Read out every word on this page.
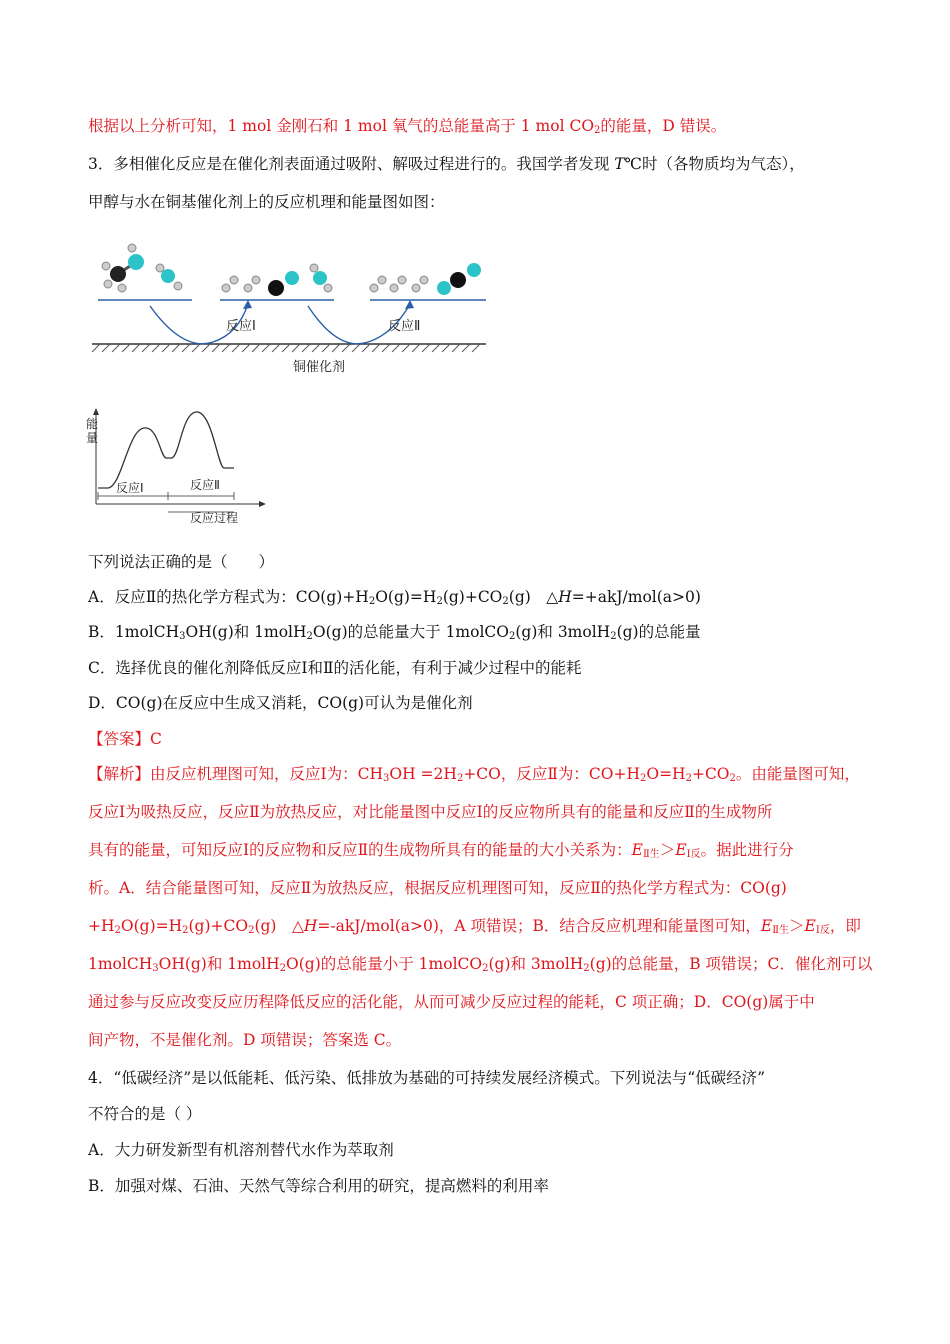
根据以上分析可知，1 mol 金刚石和 1 mol 氧气的总能量高于 1 mol $CO_2$的能量，D 错误。
3．多相催化反应是在催化剂表面通过吸附、解吸过程进行的。我国学者发现 T℃时（各物质均为气态），
甲醇与水在铜基催化剂上的反应机理和能量图如图：
反应Ⅰ	反应Ⅱ
铜催化剂
能
量
反应Ⅰ	反应Ⅱ
反应过程
下列说法正确的是（　　）
A．反应Ⅱ的热化学方程式为：$CO(g)+H_2O(g)=H_2(g)+CO_2(g)$　△H=+akJ/mol(a>0)
B．1molCH$_3$OH(g)和 1molH$_2$O(g)的总能量大于 1molCO$_2$(g)和 3molH$_2$(g)的总能量
C．选择优良的催化剂降低反应Ⅰ和Ⅱ的活化能，有利于减少过程中的能耗
D．CO(g)在反应中生成又消耗，CO(g)可认为是催化剂
【答案】C
【解析】由反应机理图可知，反应Ⅰ为：$CH_3OH =2H_2+CO$，反应Ⅱ为：$CO+H_2O=H_2+CO_2$。由能量图可知，
反应Ⅰ为吸热反应，反应Ⅱ为放热反应，对比能量图中反应Ⅰ的反应物所具有的能量和反应Ⅱ的生成物所
具有的能量，可知反应Ⅰ的反应物和反应Ⅱ的生成物所具有的能量的大小关系为：$E_{Ⅱ生}>E_{Ⅰ反}$。据此进行分
析。A．结合能量图可知，反应Ⅱ为放热反应，根据反应机理图可知，反应Ⅱ的热化学方程式为：CO(g)
$+H_2O(g)=H_2(g)+CO_2(g)$　△H=-akJ/mol(a>0)，A 项错误；B．结合反应机理和能量图可知，$E_{Ⅱ生}>E_{Ⅰ反}$，即
1molCH$_3$OH(g)和 1molH$_2$O(g)的总能量小于 1molCO$_2$(g)和 3molH$_2$(g)的总能量，B 项错误；C．催化剂可以
通过参与反应改变反应历程降低反应的活化能，从而可减少反应过程的能耗，C 项正确；D．CO(g)属于中
间产物，不是催化剂。D 项错误；答案选 C。
4．“低碳经济”是以低能耗、低污染、低排放为基础的可持续发展经济模式。下列说法与“低碳经济”
不符合的是（ ）
A．大力研发新型有机溶剂替代水作为萃取剂
B．加强对煤、石油、天然气等综合利用的研究，提高燃料的利用率
